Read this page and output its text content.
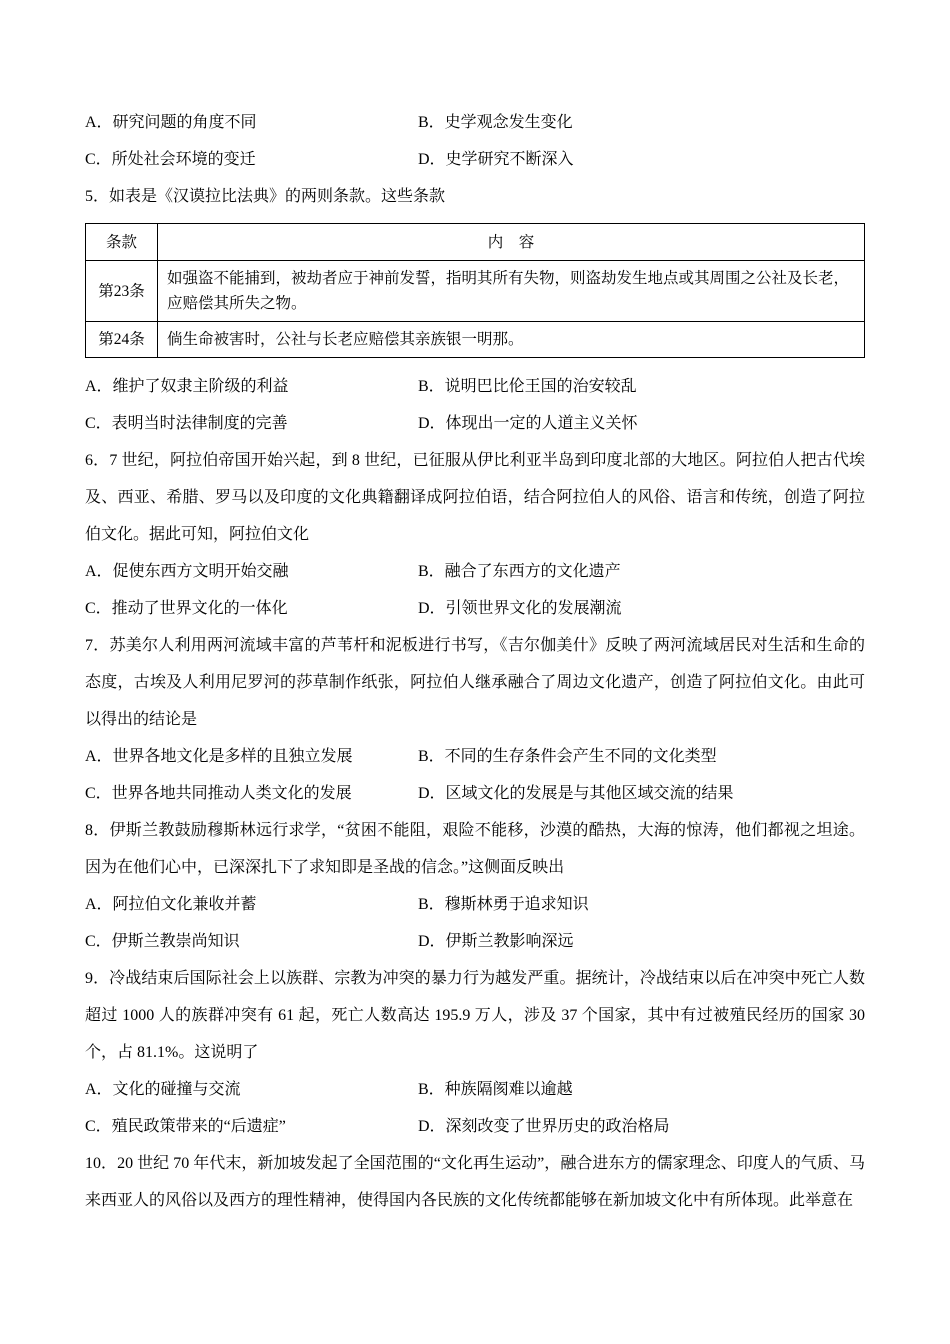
A．研究问题的角度不同	B．史学观念发生变化
C．所处社会环境的变迁	D．史学研究不断深入

5．如表是《汉谟拉比法典》的两则条款。这些条款

条款	内　容
第23条	如强盗不能捕到，被劫者应于神前发誓，指明其所有失物，则盗劫发生地点或其周围之公社及长老，应赔偿其所失之物。
第24条	倘生命被害时，公社与长老应赔偿其亲族银一明那。
A．维护了奴隶主阶级的利益	B．说明巴比伦王国的治安较乱
C．表明当时法律制度的完善	D．体现出一定的人道主义关怀

6．7 世纪，阿拉伯帝国开始兴起，到 8 世纪，已征服从伊比利亚半岛到印度北部的大地区。阿拉伯人把古代埃及、西亚、希腊、罗马以及印度的文化典籍翻译成阿拉伯语，结合阿拉伯人的风俗、语言和传统，创造了阿拉伯文化。据此可知，阿拉伯文化

A．促使东西方文明开始交融	B．融合了东西方的文化遗产
C．推动了世界文化的一体化	D．引领世界文化的发展潮流

7．苏美尔人利用两河流域丰富的芦苇杆和泥板进行书写，《吉尔伽美什》反映了两河流域居民对生活和生命的态度，古埃及人利用尼罗河的莎草制作纸张，阿拉伯人继承融合了周边文化遗产，创造了阿拉伯文化。由此可以得出的结论是

A．世界各地文化是多样的且独立发展	B．不同的生存条件会产生不同的文化类型
C．世界各地共同推动人类文化的发展	D．区域文化的发展是与其他区域交流的结果

8．伊斯兰教鼓励穆斯林远行求学，“贫困不能阻，艰险不能移，沙漠的酷热，大海的惊涛，他们都视之坦途。因为在他们心中，已深深扎下了求知即是圣战的信念。”这侧面反映出

A．阿拉伯文化兼收并蓄	B．穆斯林勇于追求知识
C．伊斯兰教崇尚知识	D．伊斯兰教影响深远

9．冷战结束后国际社会上以族群、宗教为冲突的暴力行为越发严重。据统计，冷战结束以后在冲突中死亡人数超过 1000 人的族群冲突有 61 起，死亡人数高达 195.9 万人，涉及 37 个国家，其中有过被殖民经历的国家 30 个，占 81.1%。这说明了

A．文化的碰撞与交流	B．种族隔阂难以逾越
C．殖民政策带来的“后遗症”	D．深刻改变了世界历史的政治格局

10．20 世纪 70 年代末，新加坡发起了全国范围的“文化再生运动”，融合进东方的儒家理念、印度人的气质、马来西亚人的风俗以及西方的理性精神，使得国内各民族的文化传统都能够在新加坡文化中有所体现。此举意在
